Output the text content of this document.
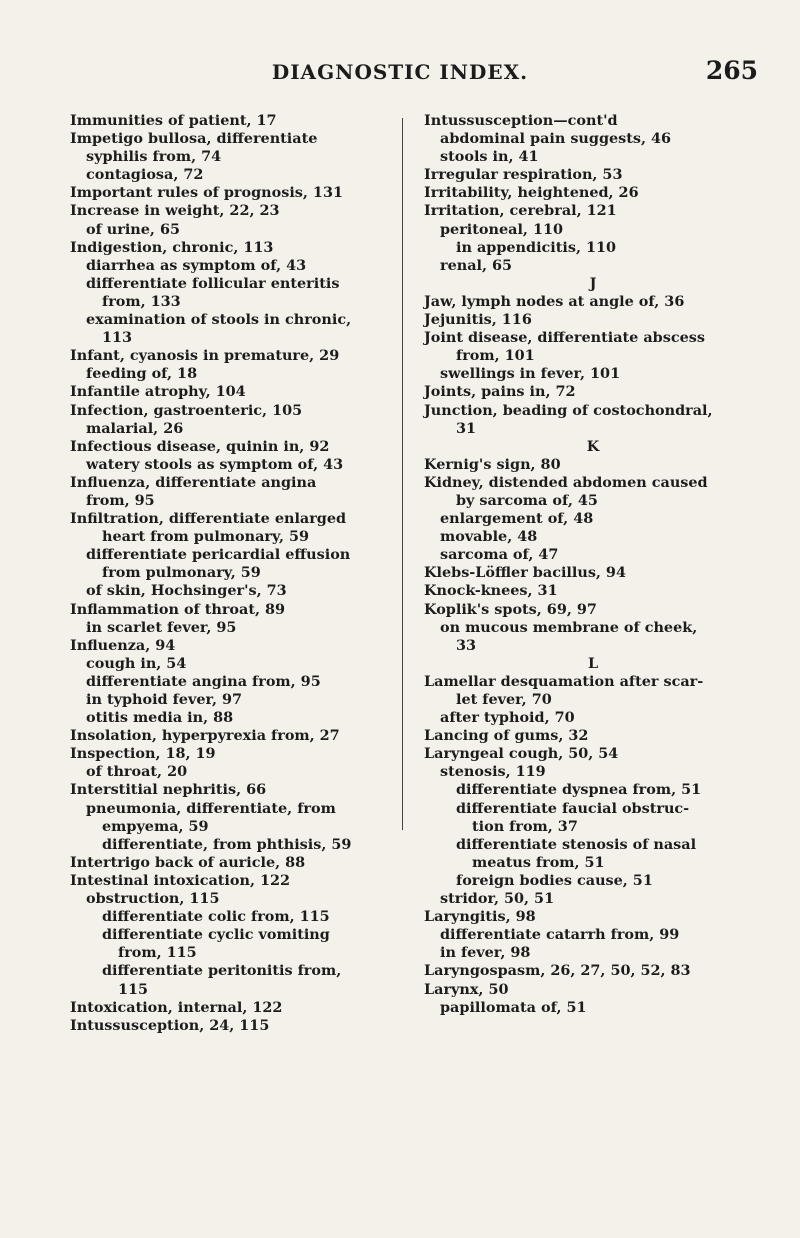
DIAGNOSTIC INDEX.	265
Immunities of patient, 17
Impetigo bullosa, differentiate
syphilis from, 74
contagiosa, 72
Important rules of prognosis, 131
Increase in weight, 22, 23
of urine, 65
Indigestion, chronic, 113
diarrhea as symptom of, 43
differentiate follicular enteritis
from, 133
examination of stools in chronic,
113
Infant, cyanosis in premature, 29
feeding of, 18
Infantile atrophy, 104
Infection, gastroenteric, 105
malarial, 26
Infectious disease, quinin in, 92
watery stools as symptom of, 43
Influenza, differentiate angina
from, 95
Infiltration, differentiate enlarged
heart from pulmonary, 59
differentiate pericardial effusion
from pulmonary, 59
of skin, Hochsinger's, 73
Inflammation of throat, 89
in scarlet fever, 95
Influenza, 94
cough in, 54
differentiate angina from, 95
in typhoid fever, 97
otitis media in, 88
Insolation, hyperpyrexia from, 27
Inspection, 18, 19
of throat, 20
Interstitial nephritis, 66
pneumonia, differentiate, from
empyema, 59
differentiate, from phthisis, 59
Intertrigo back of auricle, 88
Intestinal intoxication, 122
obstruction, 115
differentiate colic from, 115
differentiate cyclic vomiting
from, 115
differentiate peritonitis from,
115
Intoxication, internal, 122
Intussusception, 24, 115
Intussusception—cont'd
abdominal pain suggests, 46
stools in, 41
Irregular respiration, 53
Irritability, heightened, 26
Irritation, cerebral, 121
peritoneal, 110
in appendicitis, 110
renal, 65
J
Jaw, lymph nodes at angle of, 36
Jejunitis, 116
Joint disease, differentiate abscess
from, 101
swellings in fever, 101
Joints, pains in, 72
Junction, beading of costochondral,
31
K
Kernig's sign, 80
Kidney, distended abdomen caused
by sarcoma of, 45
enlargement of, 48
movable, 48
sarcoma of, 47
Klebs-Löffler bacillus, 94
Knock-knees, 31
Koplik's spots, 69, 97
on mucous membrane of cheek,
33
L
Lamellar desquamation after scar-
let fever, 70
after typhoid, 70
Lancing of gums, 32
Laryngeal cough, 50, 54
stenosis, 119
differentiate dyspnea from, 51
differentiate faucial obstruc-
tion from, 37
differentiate stenosis of nasal
meatus from, 51
foreign bodies cause, 51
stridor, 50, 51
Laryngitis, 98
differentiate catarrh from, 99
in fever, 98
Laryngospasm, 26, 27, 50, 52, 83
Larynx, 50
papillomata of, 51
